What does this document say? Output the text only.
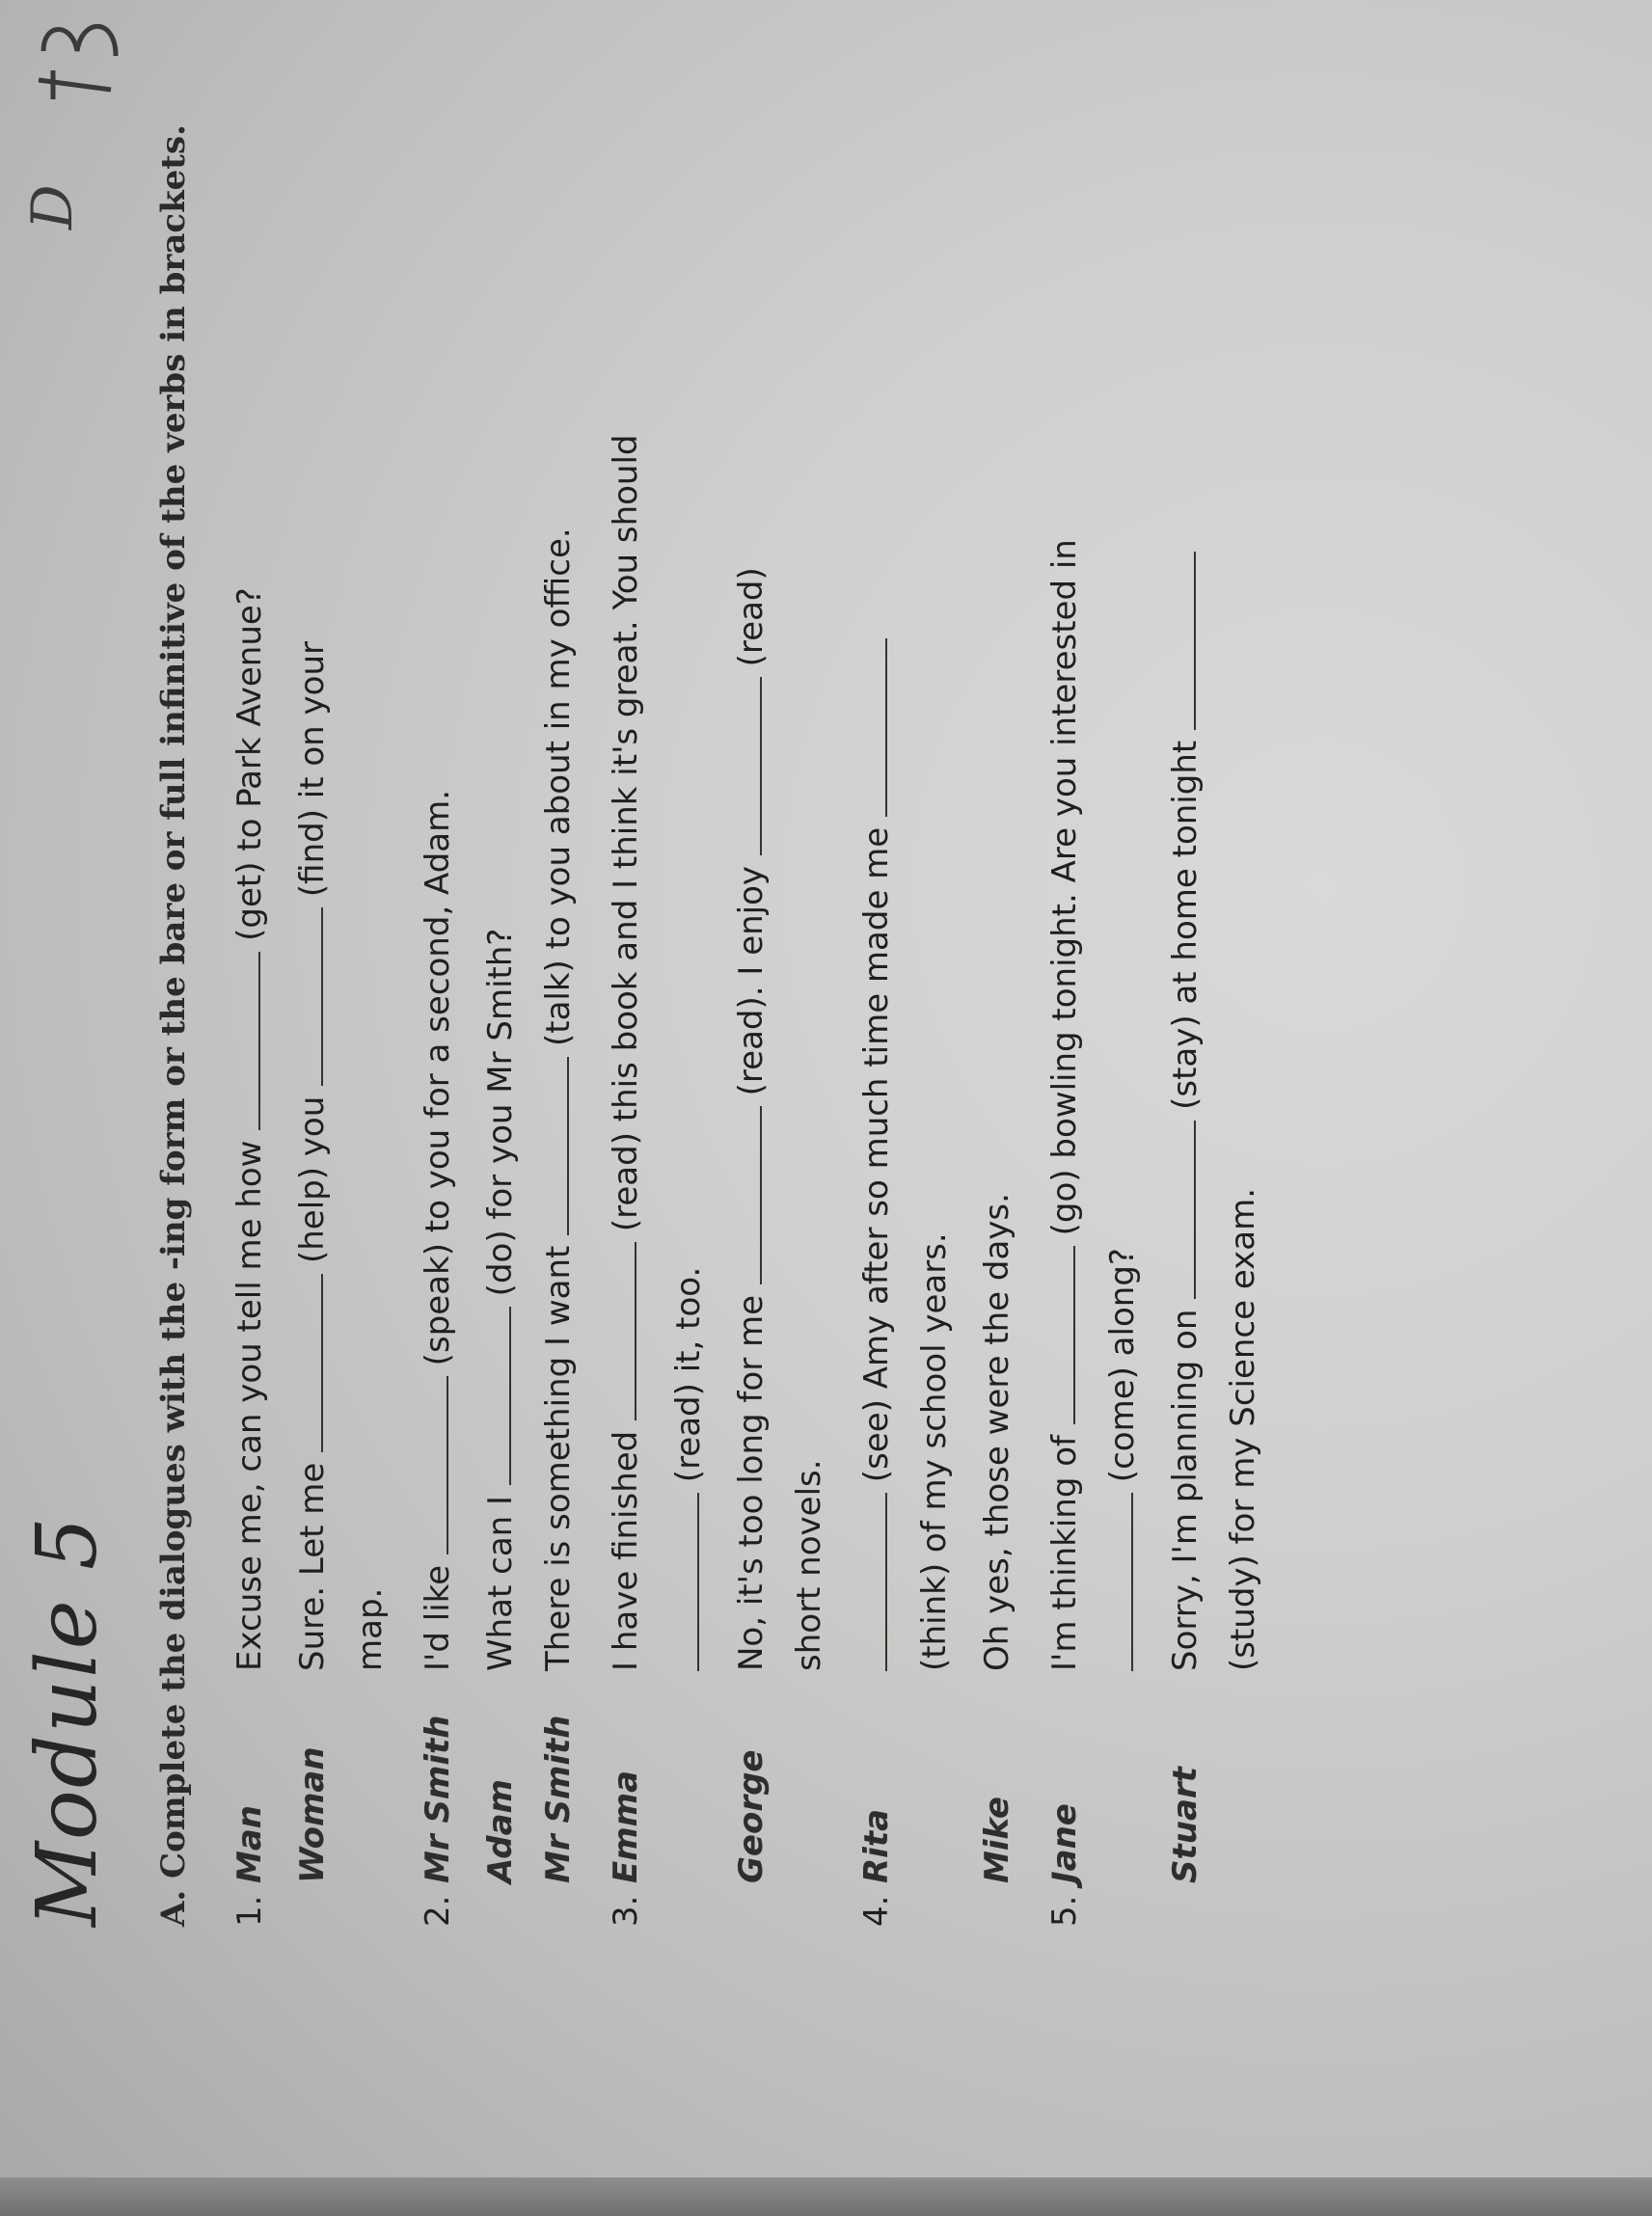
Module 5
D A. Complete the dialogues with the -ing form or the bare or full infinitive of the verbs in brackets. 1.
Man
Excuse me, can you tell me how  (get) to Park Avenue?
Woman
Sure. Let me  (help) you  (find) it on your
map.
2.
Mr Smith
I'd like  (speak) to you for a second, Adam.
Adam
What can I  (do) for you Mr Smith?
Mr Smith
There is something I want  (talk) to you about in my office.
3.
Emma
I have finished  (read) this book and I think it's great. You should
(read) it, too.
George
No, it's too long for me  (read). I enjoy  (read)
short novels.
4.
Rita
(see) Amy after so much time made me (think) of my school years.
Mike
Oh yes, those were the days.
5.
Jane
I'm thinking of  (go) bowling tonight. Are you interested in
(come) along?
Stuart
Sorry, I'm planning on  (stay) at home tonight
(study) for my Science exam.
